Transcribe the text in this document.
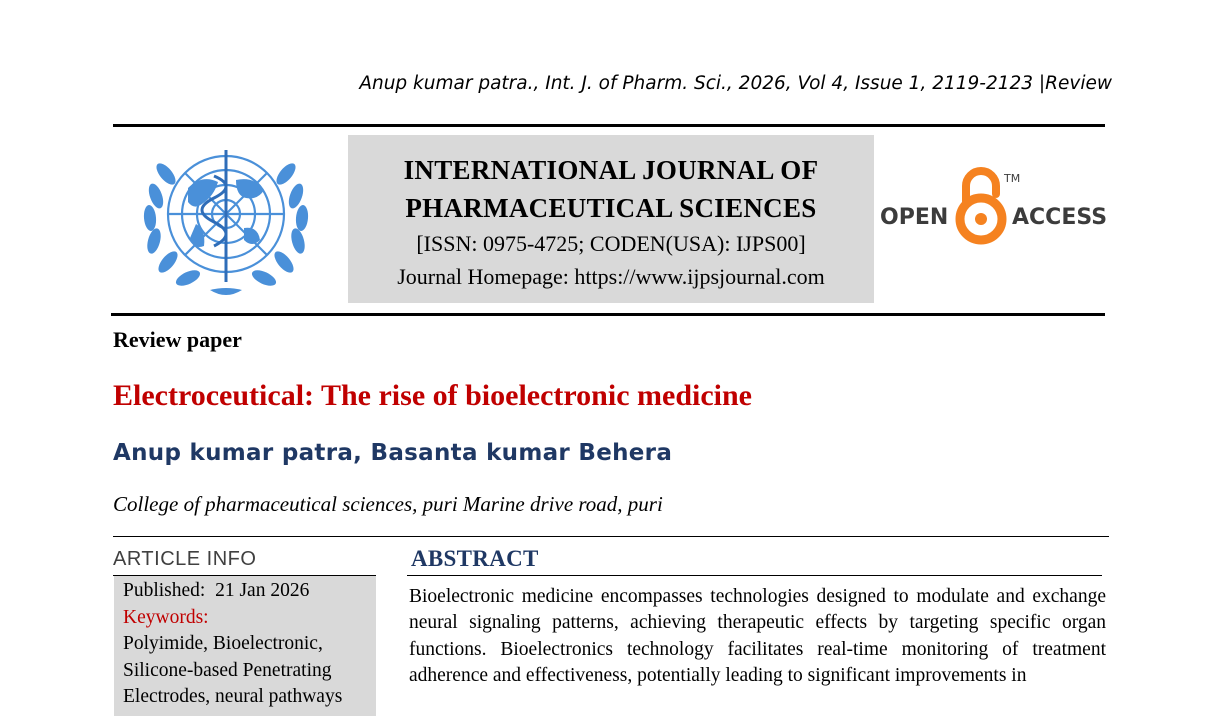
Anup kumar patra., Int. J. of Pharm. Sci., 2026, Vol 4, Issue 1, 2119-2123 |Review
INTERNATIONAL JOURNAL OF
PHARMACEUTICAL SCIENCES
[ISSN: 0975-4725; CODEN(USA): IJPS00]
Journal Homepage: https://www.ijpsjournal.com
OPEN	ACCESS
TM
Review paper
Electroceutical: The rise of bioelectronic medicine
Anup kumar patra, Basanta kumar Behera
College of pharmaceutical sciences, puri Marine drive road, puri
ARTICLE INFO
Published: 21 Jan 2026
Keywords:
Polyimide, Bioelectronic,
Silicone-based Penetrating
Electrodes, neural pathways
ABSTRACT
Bioelectronic medicine encompasses technologies designed to modulate and exchange neural signaling patterns, achieving therapeutic effects by targeting specific organ functions. Bioelectronics technology facilitates real-time monitoring of treatment adherence and effectiveness, potentially leading to significant improvements in
